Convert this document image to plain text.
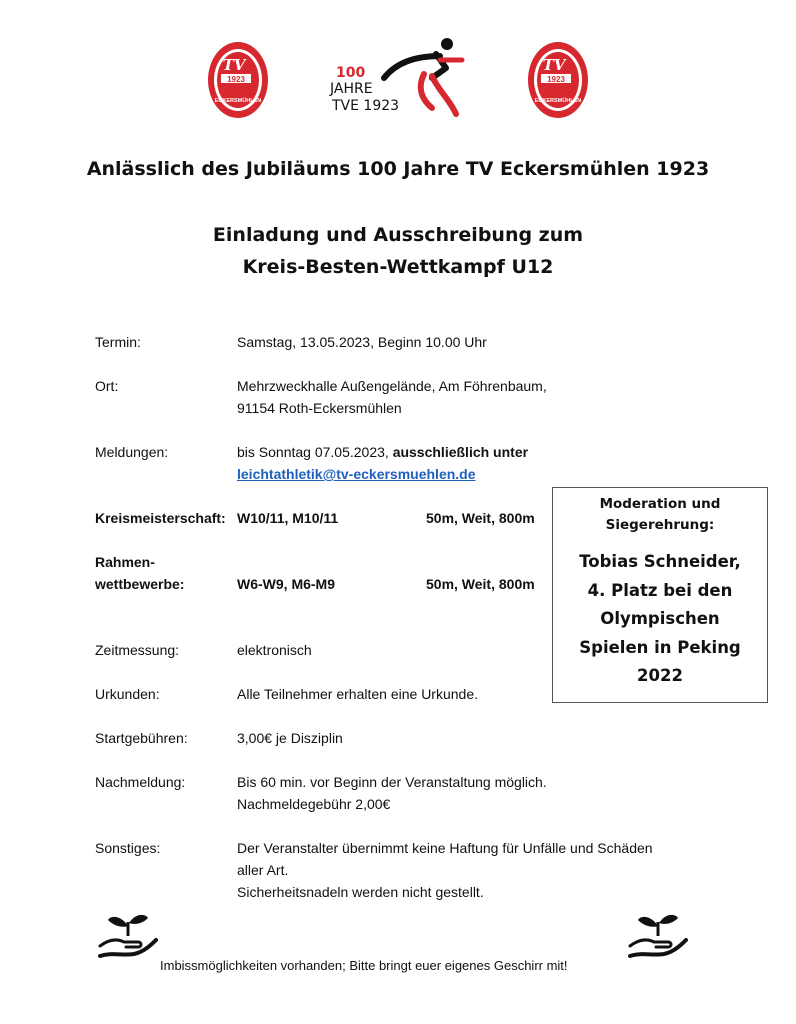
TV
1923
ECKERSMÜHLEN
100
JAHRE
TVE 1923
TV
1923
ECKERSMÜHLEN
Anlässlich des Jubiläums 100 Jahre TV Eckersmühlen 1923
Einladung und Ausschreibung zum
Kreis-Besten-Wettkampf U12
Termin:	Samstag, 13.05.2023, Beginn 10.00 Uhr
Ort:	Mehrzweckhalle Außengelände, Am Föhrenbaum,
91154 Roth-Eckersmühlen
Meldungen:	bis Sonntag 07.05.2023, ausschließlich unter
leichtathletik@tv-eckersmuehlen.de
Kreismeisterschaft: W10/11, M10/11	50m, Weit, 800m
Rahmen-
wettbewerbe:	W6-W9, M6-M9	50m, Weit, 800m
Zeitmessung:	elektronisch
Urkunden:	Alle Teilnehmer erhalten eine Urkunde.
Startgebühren:	3,00€ je Disziplin
Nachmeldung:	Bis 60 min. vor Beginn der Veranstaltung möglich.
Nachmeldegebühr 2,00€
Sonstiges:	Der Veranstalter übernimmt keine Haftung für Unfälle und Schäden
aller Art.
Sicherheitsnadeln werden nicht gestellt.
Moderation und
Siegerehrung:
Tobias Schneider,
4. Platz bei den
Olympischen
Spielen in Peking
2022
Imbissmöglichkeiten vorhanden; Bitte bringt euer eigenes Geschirr mit!
